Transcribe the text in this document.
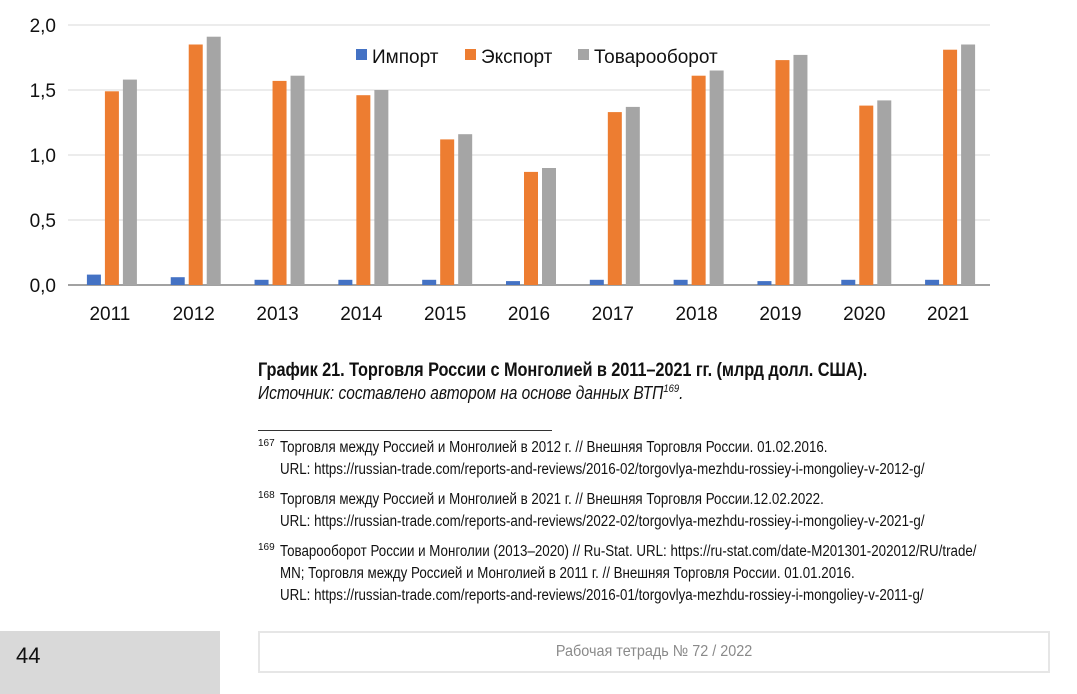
0,0
0,5
1,0
1,5
2,0
2011 2012 2013 2014 2015 2016 2017 2018 2019 2020 2021
Импорт Экспорт Товарооборот
График 21. Торговля России с Монголией в 2011–2021 гг. (млрд долл. США).
Источник: составлено автором на основе данных ВТП$^{169}$.
167 Торговля между Россией и Монголией в 2012 г. // Внешняя Торговля России. 01.02.2016.
URL: https://russian-trade.com/reports-and-reviews/2016-02/torgovlya-mezhdu-rossiey-i-mongoliey-v-2012-g/
168 Торговля между Россией и Монголией в 2021 г. // Внешняя Торговля России.12.02.2022.
URL: https://russian-trade.com/reports-and-reviews/2022-02/torgovlya-mezhdu-rossiey-i-mongoliey-v-2021-g/
169 Товарооборот России и Монголии (2013–2020) // Ru-Stat. URL: https://ru-stat.com/date-M201301-202012/RU/trade/
MN; Торговля между Россией и Монголией в 2011 г. // Внешняя Торговля России. 01.01.2016.
URL: https://russian-trade.com/reports-and-reviews/2016-01/torgovlya-mezhdu-rossiey-i-mongoliey-v-2011-g/
44	Рабочая тетрадь № 72 / 2022
